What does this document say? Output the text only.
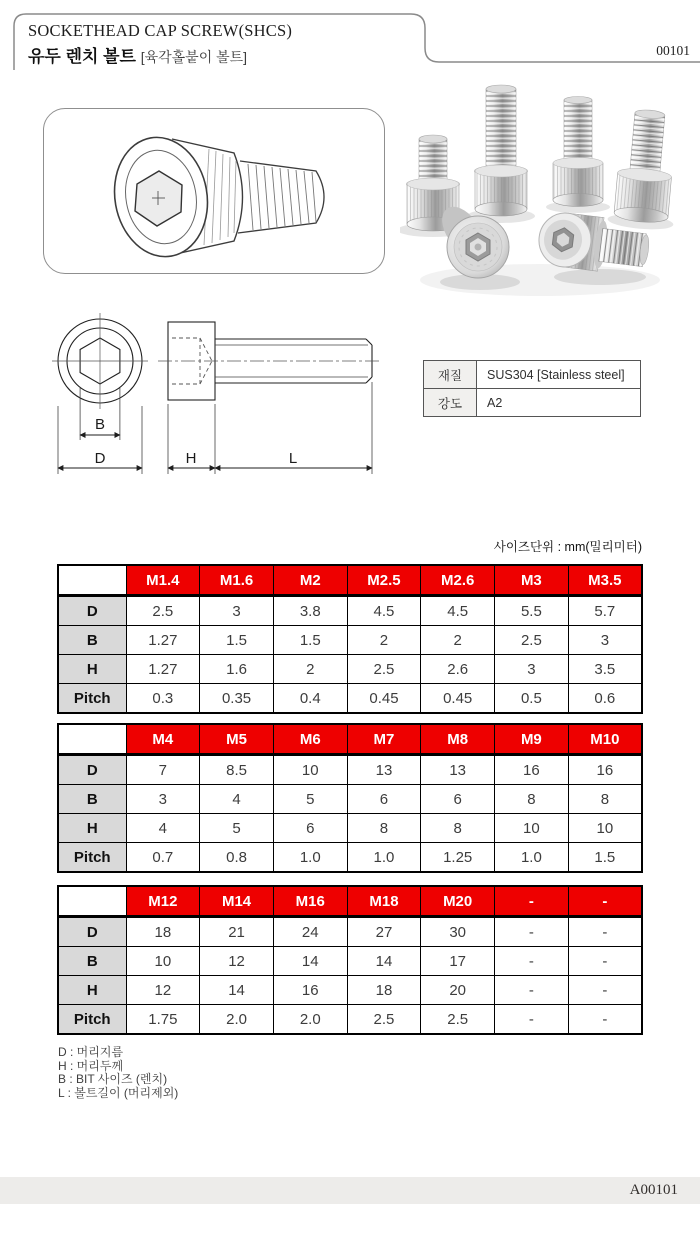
SOCKETHEAD CAP SCREW(SHCS)
유두 렌치 볼트 [육각홀붙이 볼트]	00101
B
D	H	L
재질	SUS304 [Stainless steel]
강도	A2
사이즈단위 : mm(밀리미터)
	M1.4	M1.6	M2	M2.5	M2.6	M3	M3.5
D	2.5	3	3.8	4.5	4.5	5.5	5.7
B	1.27	1.5	1.5	2	2	2.5	3
H	1.27	1.6	2	2.5	2.6	3	3.5
Pitch	0.3	0.35	0.4	0.45	0.45	0.5	0.6
	M4	M5	M6	M7	M8	M9	M10
D	7	8.5	10	13	13	16	16
B	3	4	5	6	6	8	8
H	4	5	6	8	8	10	10
Pitch	0.7	0.8	1.0	1.0	1.25	1.0	1.5
	M12	M14	M16	M18	M20	-	-
D	18	21	24	27	30	-	-
B	10	12	14	14	17	-	-
H	12	14	16	18	20	-	-
Pitch	1.75	2.0	2.0	2.5	2.5	-	-
D : 머리지름
H : 머리두께
B : BIT 사이즈 (렌치)
L : 볼트길이 (머리제외)
A00101
